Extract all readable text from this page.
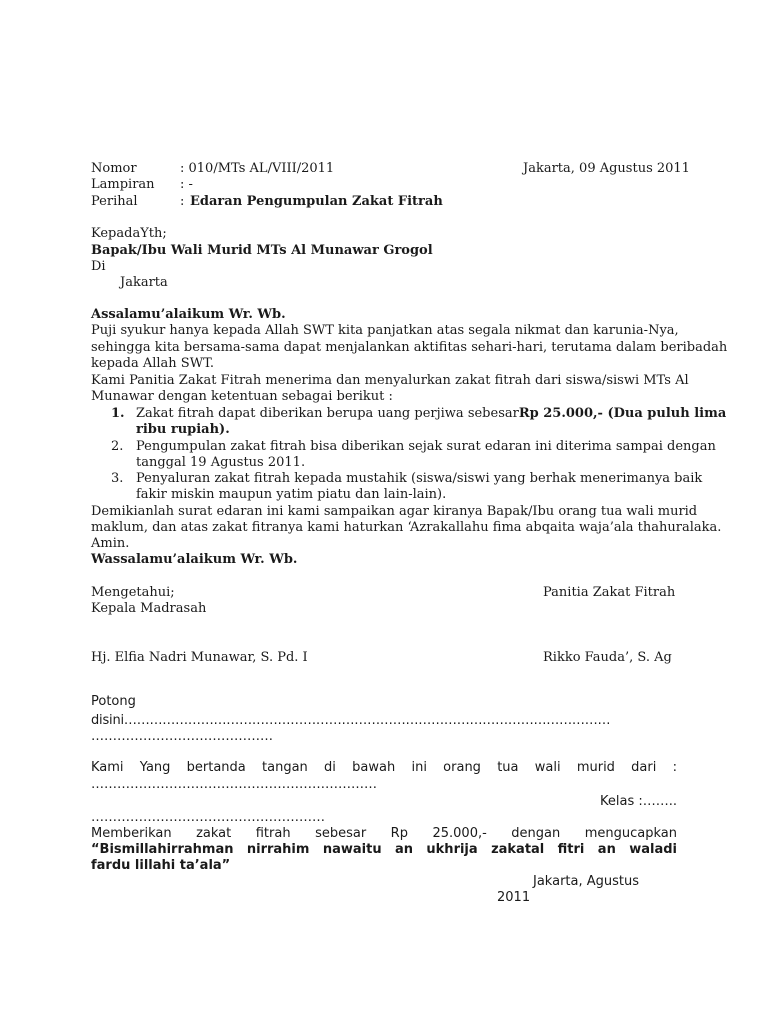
Nomor	: 010/MTs AL/VIII/2011	Jakarta, 09 Agustus 2011
Lampiran : -
Perihal	: Edaran Pengumpulan Zakat Fitrah
KepadaYth;
Bapak/Ibu Wali Murid MTs Al Munawar Grogol
Di
Jakarta
Assalamu’alaikum Wr. Wb.
Puji syukur hanya kepada Allah SWT kita panjatkan atas segala nikmat dan karunia-Nya,
sehingga kita bersama-sama dapat menjalankan aktifitas sehari-hari, terutama dalam beribadah
kepada Allah SWT.
Kami Panitia Zakat Fitrah menerima dan menyalurkan zakat fitrah dari siswa/siswi MTs Al
Munawar dengan ketentuan sebagai berikut :
1. Zakat fitrah dapat diberikan berupa uang perjiwa sebesar Rp 25.000,- (Dua puluh lima
ribu rupiah).
2. Pengumpulan zakat fitrah bisa diberikan sejak surat edaran ini diterima sampai dengan
tanggal 19 Agustus 2011.
3. Penyaluran zakat fitrah kepada mustahik (siswa/siswi yang berhak menerimanya baik
fakir miskin maupun yatim piatu dan lain-lain).
Demikianlah surat edaran ini kami sampaikan agar kiranya Bapak/Ibu orang tua wali murid
maklum, dan atas zakat fitranya kami haturkan ‘Azrakallahu fima abqaita waja’ala thahuralaka.
Amin.
Wassalamu’alaikum Wr. Wb.
Mengetahui;	Panitia Zakat Fitrah
Kepala Madrasah
Hj. Elfia Nadri Munawar, S. Pd. I	Rikko Fauda’, S. Ag
Potong
disini……………………………………………………………………………………………………
……………………………………
Kami Yang bertanda tangan di bawah ini orang tua wali murid dari :
…………………………………………………………
Kelas :……..
………………………………………………
Memberikan zakat fitrah sebesar Rp 25.000,- dengan mengucapkan
“Bismillahirrahman nirrahim nawaitu an ukhrija zakatal fitri an waladi
fardu lillahi ta’ala”
Jakarta, Agustus
2011
